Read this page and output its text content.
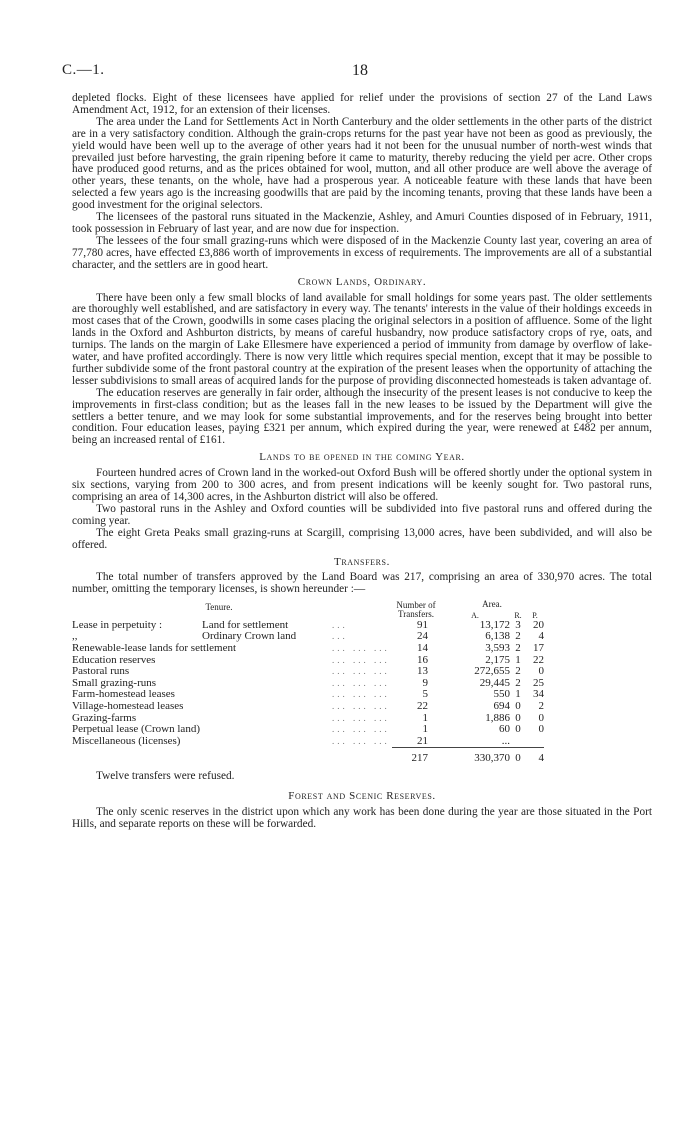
C.—1.	18

depleted flocks. Eight of these licensees have applied for relief under the provisions of section 27 of the Land Laws Amendment Act, 1912, for an extension of their licenses.

The area under the Land for Settlements Act in North Canterbury and the older settlements in the other parts of the district are in a very satisfactory condition. Although the grain-crops returns for the past year have not been as good as previously, the yield would have been well up to the average of other years had it not been for the unusual number of north-west winds that prevailed just before harvesting, the grain ripening before it came to maturity, thereby reducing the yield per acre. Other crops have produced good returns, and as the prices obtained for wool, mutton, and all other produce are well above the average of other years, these tenants, on the whole, have had a prosperous year. A noticeable feature with these lands that have been selected a few years ago is the increasing goodwills that are paid by the incoming tenants, proving that these lands have been a good investment for the original selectors.

The licensees of the pastoral runs situated in the Mackenzie, Ashley, and Amuri Counties disposed of in February, 1911, took possession in February of last year, and are now due for inspection.

The lessees of the four small grazing-runs which were disposed of in the Mackenzie County last year, covering an area of 77,780 acres, have effected £3,886 worth of improvements in excess of requirements. The improvements are all of a substantial character, and the settlers are in good heart.

Crown Lands, Ordinary.

There have been only a few small blocks of land available for small holdings for some years past. The older settlements are thoroughly well established, and are satisfactory in every way. The tenants' interests in the value of their holdings exceeds in most cases that of the Crown, goodwills in some cases placing the original selectors in a position of affluence. Some of the light lands in the Oxford and Ashburton districts, by means of careful husbandry, now produce satisfactory crops of rye, oats, and turnips. The lands on the margin of Lake Ellesmere have experienced a period of immunity from damage by overflow of lake-water, and have profited accordingly. There is now very little which requires special mention, except that it may be possible to further subdivide some of the front pastoral country at the expiration of the present leases when the opportunity of attaching the lesser subdivisions to small areas of acquired lands for the purpose of providing disconnected homesteads is taken advantage of.

The education reserves are generally in fair order, although the insecurity of the present leases is not conducive to keep the improvements in first-class condition; but as the leases fall in the new leases to be issued by the Department will give the settlers a better tenure, and we may look for some substantial improvements, and for the reserves being brought into better condition. Four education leases, paying £321 per annum, which expired during the year, were renewed at £482 per annum, being an increased rental of £161.

Lands to be opened in the coming Year.

Fourteen hundred acres of Crown land in the worked-out Oxford Bush will be offered shortly under the optional system in six sections, varying from 200 to 300 acres, and from present indications will be keenly sought for. Two pastoral runs, comprising an area of 14,300 acres, in the Ashburton district will also be offered.

Two pastoral runs in the Ashley and Oxford counties will be subdivided into five pastoral runs and offered during the coming year.

The eight Greta Peaks small grazing-runs at Scargill, comprising 13,000 acres, have been subdivided, and will also be offered.

Transfers.

The total number of transfers approved by the Land Board was 217, comprising an area of 330,970 acres. The total number, omitting the temporary licenses, is shown hereunder :—

Tenure.			Number of Transfers.	Area.		
				A.	R.	P.
Lease in perpetuity :	Land for settlement	...	91	13,172	3	20
,,	Ordinary Crown land	...	24	6,138	2	4
Renewable-lease lands for settlement		... ... ...	14	3,593	2	17
Education reserves		... ... ...	16	2,175	1	22
Pastoral runs		... ... ...	13	272,655	2	0
Small grazing-runs		... ... ...	9	29,445	2	25
Farm-homestead leases		... ... ...	5	550	1	34
Village-homestead leases		... ... ...	22	694	0	2
Grazing-farms		... ... ...	1	1,886	0	0
Perpetual lease (Crown land)		... ... ...	1	60	0	0
Miscellaneous (licenses)		... ... ...	21	...		
			217	330,370	0	4

Twelve transfers were refused.

Forest and Scenic Reserves.

The only scenic reserves in the district upon which any work has been done during the year are those situated in the Port Hills, and separate reports on these will be forwarded.
